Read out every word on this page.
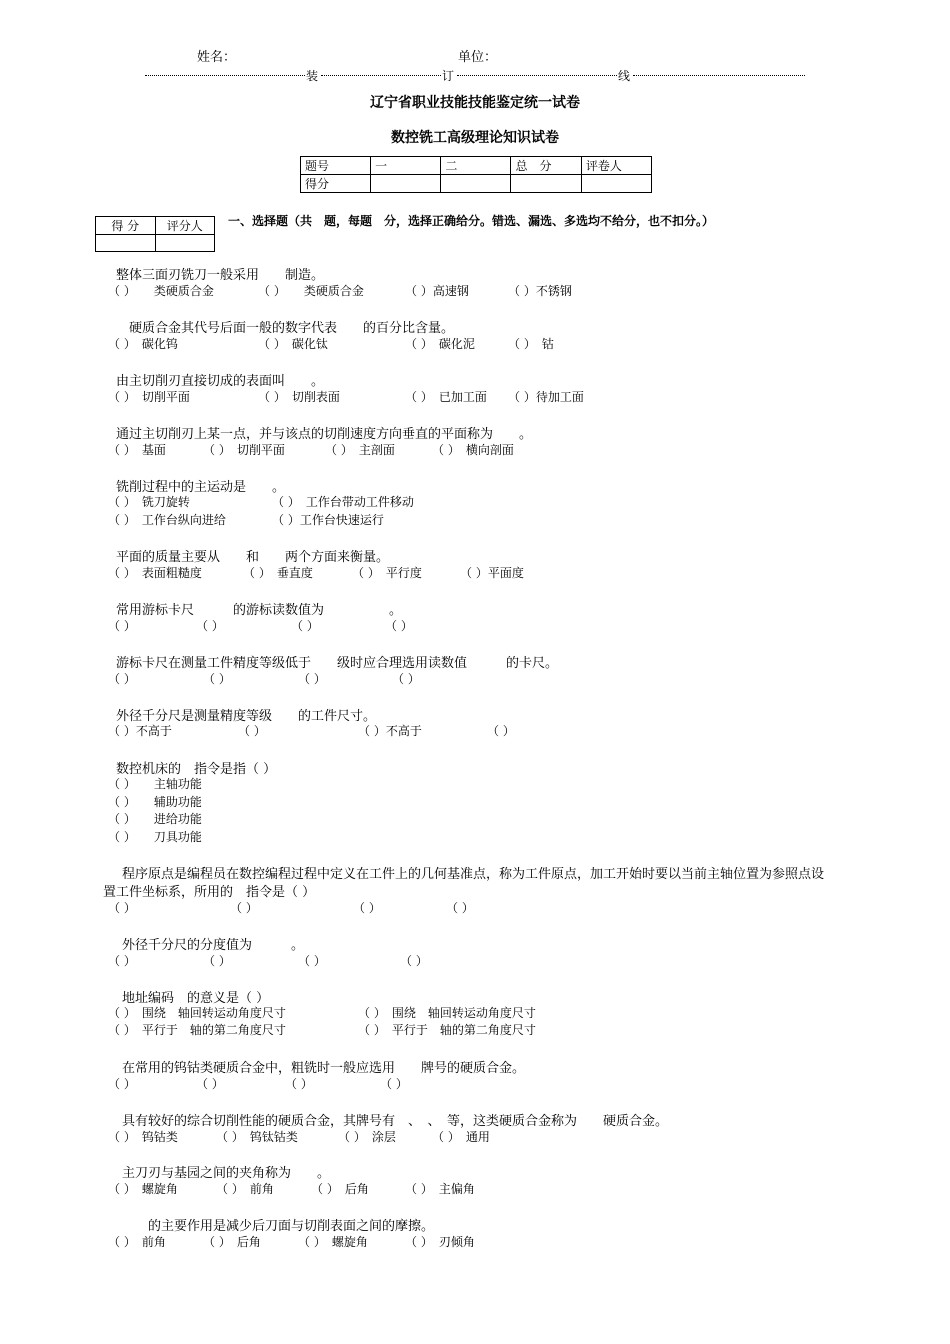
姓名：	单位：
装	订	线
辽宁省职业技能技能鉴定统一试卷
数控铣工高级理论知识试卷
题号	一	二	总　分	评卷人
得分				
得 分	评分人
	一、选择题（共　题，每题　分，选择正确给分。错选、漏选、多选均不给分，也不扣分。）
整体三面刃铣刀一般采用　　制造。
（ ）　　类硬质合金	（ ）　　类硬质合金	（ ）高速钢	（ ）不锈钢
　硬质合金其代号后面一般的数字代表　　的百分比含量。
（ ）　碳化钨	（ ）　碳化钛	（ ）　碳化泥	（ ）　钴
由主切削刃直接切成的表面叫　　。
（ ）　切削平面	（ ）　切削表面	（ ）　已加工面 （ ）待加工面
通过主切削刃上某一点，并与该点的切削速度方向垂直的平面称为　　。
（ ）　基面	（ ）　切削平面	（ ）　主剖面	（ ）　横向剖面
铣削过程中的主运动是　　。
（ ）　铣刀旋转	（ ）　工作台带动工件移动
（ ）　工作台纵向进给	（ ）工作台快速运行
平面的质量主要从　　和　　两个方面来衡量。
（ ）　表面粗糙度	（ ）　垂直度	（ ）　平行度	（ ）平面度
常用游标卡尺　　　的游标读数值为　　　　　。
（ ）	（ ）	（ ）	（ ）
游标卡尺在测量工件精度等级低于　　级时应合理选用读数值　　　的卡尺。
（ ）	（ ）	（ ）	（ ）
外径千分尺是测量精度等级　　的工件尺寸。
（ ）不高于	（ ）	（ ）不高于	（ ）
数控机床的　指令是指（ ）
（ ）　　主轴功能
（ ）　　辅助功能
（ ）　　进给功能
（ ）　　刀具功能
程序原点是编程员在数控编程过程中定义在工件上的几何基准点，称为工件原点，加工开始时要以当前主轴位置为参照点设
置工件坐标系，所用的　指令是（ ）
（ ）	（ ）	（ ）	（ ）
外径千分尺的分度值为　　　。
（ ）	（ ）	（ ）	（ ）
地址编码　的意义是（ ）
（ ）　围绕　轴回转运动角度尺寸	（ ）　围绕　轴回转运动角度尺寸
（ ）　平行于　轴的第二角度尺寸	（ ）　平行于　轴的第二角度尺寸
在常用的钨钴类硬质合金中，粗铣时一般应选用　　牌号的硬质合金。
（ ）	（ ）	（ ）	（ ）
具有较好的综合切削性能的硬质合金，其牌号有　、　、　等，这类硬质合金称为　　硬质合金。
（ ）　钨钴类	（ ）　钨钛钴类	（ ）　涂层	（ ）　通用
主刀刃与基园之间的夹角称为　　。
（ ）　螺旋角	（ ）　前角	（ ）　后角	（ ）　主偏角
　　的主要作用是减少后刀面与切削表面之间的摩擦。
（ ）　前角	（ ）　后角	（ ）　螺旋角	（ ）　刃倾角
